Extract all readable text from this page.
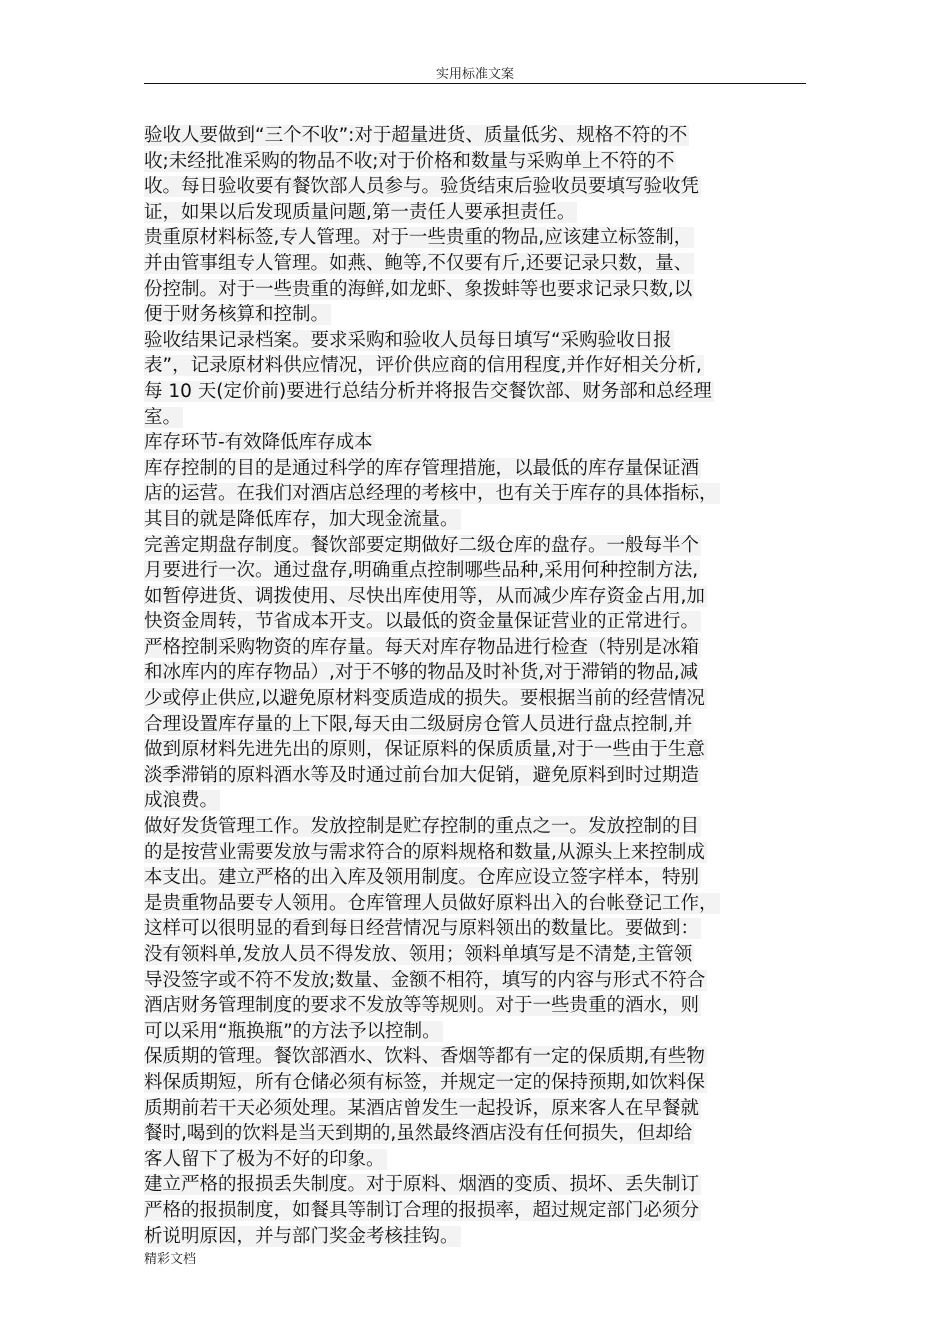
实用标准文案
验收人要做到“三个不收”:对于超量进货、质量低劣、规格不符的不
收;未经批准采购的物品不收;对于价格和数量与采购单上不符的不
收。每日验收要有餐饮部人员参与。验货结束后验收员要填写验收凭
证，如果以后发现质量问题,第一责任人要承担责任。
贵重原材料标签,专人管理。对于一些贵重的物品,应该建立标签制，
并由管事组专人管理。如燕、鲍等,不仅要有斤,还要记录只数，量、
份控制。对于一些贵重的海鲜,如龙虾、象拨蚌等也要求记录只数,以
便于财务核算和控制。
验收结果记录档案。要求采购和验收人员每日填写“采购验收日报
表”，记录原材料供应情况，评价供应商的信用程度,并作好相关分析,
每 10 天(定价前)要进行总结分析并将报告交餐饮部、财务部和总经理
室。
库存环节-有效降低库存成本
库存控制的目的是通过科学的库存管理措施，以最低的库存量保证酒
店的运营。在我们对酒店总经理的考核中，也有关于库存的具体指标，
其目的就是降低库存，加大现金流量。
完善定期盘存制度。餐饮部要定期做好二级仓库的盘存。一般每半个
月要进行一次。通过盘存,明确重点控制哪些品种,采用何种控制方法,
如暂停进货、调拨使用、尽快出库使用等，从而减少库存资金占用,加
快资金周转，节省成本开支。以最低的资金量保证营业的正常进行。
严格控制采购物资的库存量。每天对库存物品进行检查（特别是冰箱
和冰库内的库存物品）,对于不够的物品及时补货,对于滞销的物品,减
少或停止供应,以避免原材料变质造成的损失。要根据当前的经营情况
合理设置库存量的上下限,每天由二级厨房仓管人员进行盘点控制,并
做到原材料先进先出的原则，保证原料的保质质量,对于一些由于生意
淡季滞销的原料酒水等及时通过前台加大促销，避免原料到时过期造
成浪费。
做好发货管理工作。发放控制是贮存控制的重点之一。发放控制的目
的是按营业需要发放与需求符合的原料规格和数量,从源头上来控制成
本支出。建立严格的出入库及领用制度。仓库应设立签字样本，特别
是贵重物品要专人领用。仓库管理人员做好原料出入的台帐登记工作，
这样可以很明显的看到每日经营情况与原料领出的数量比。要做到：
没有领料单,发放人员不得发放、领用；领料单填写是不清楚,主管领
导没签字或不符不发放;数量、金额不相符，填写的内容与形式不符合
酒店财务管理制度的要求不发放等等规则。对于一些贵重的酒水，则
可以采用“瓶换瓶”的方法予以控制。
保质期的管理。餐饮部酒水、饮料、香烟等都有一定的保质期,有些物
料保质期短，所有仓储必须有标签，并规定一定的保持预期,如饮料保
质期前若干天必须处理。某酒店曾发生一起投诉，原来客人在早餐就
餐时,喝到的饮料是当天到期的,虽然最终酒店没有任何损失，但却给
客人留下了极为不好的印象。
建立严格的报损丢失制度。对于原料、烟酒的变质、损坏、丢失制订
严格的报损制度，如餐具等制订合理的报损率，超过规定部门必须分
析说明原因，并与部门奖金考核挂钩。
精彩文档
